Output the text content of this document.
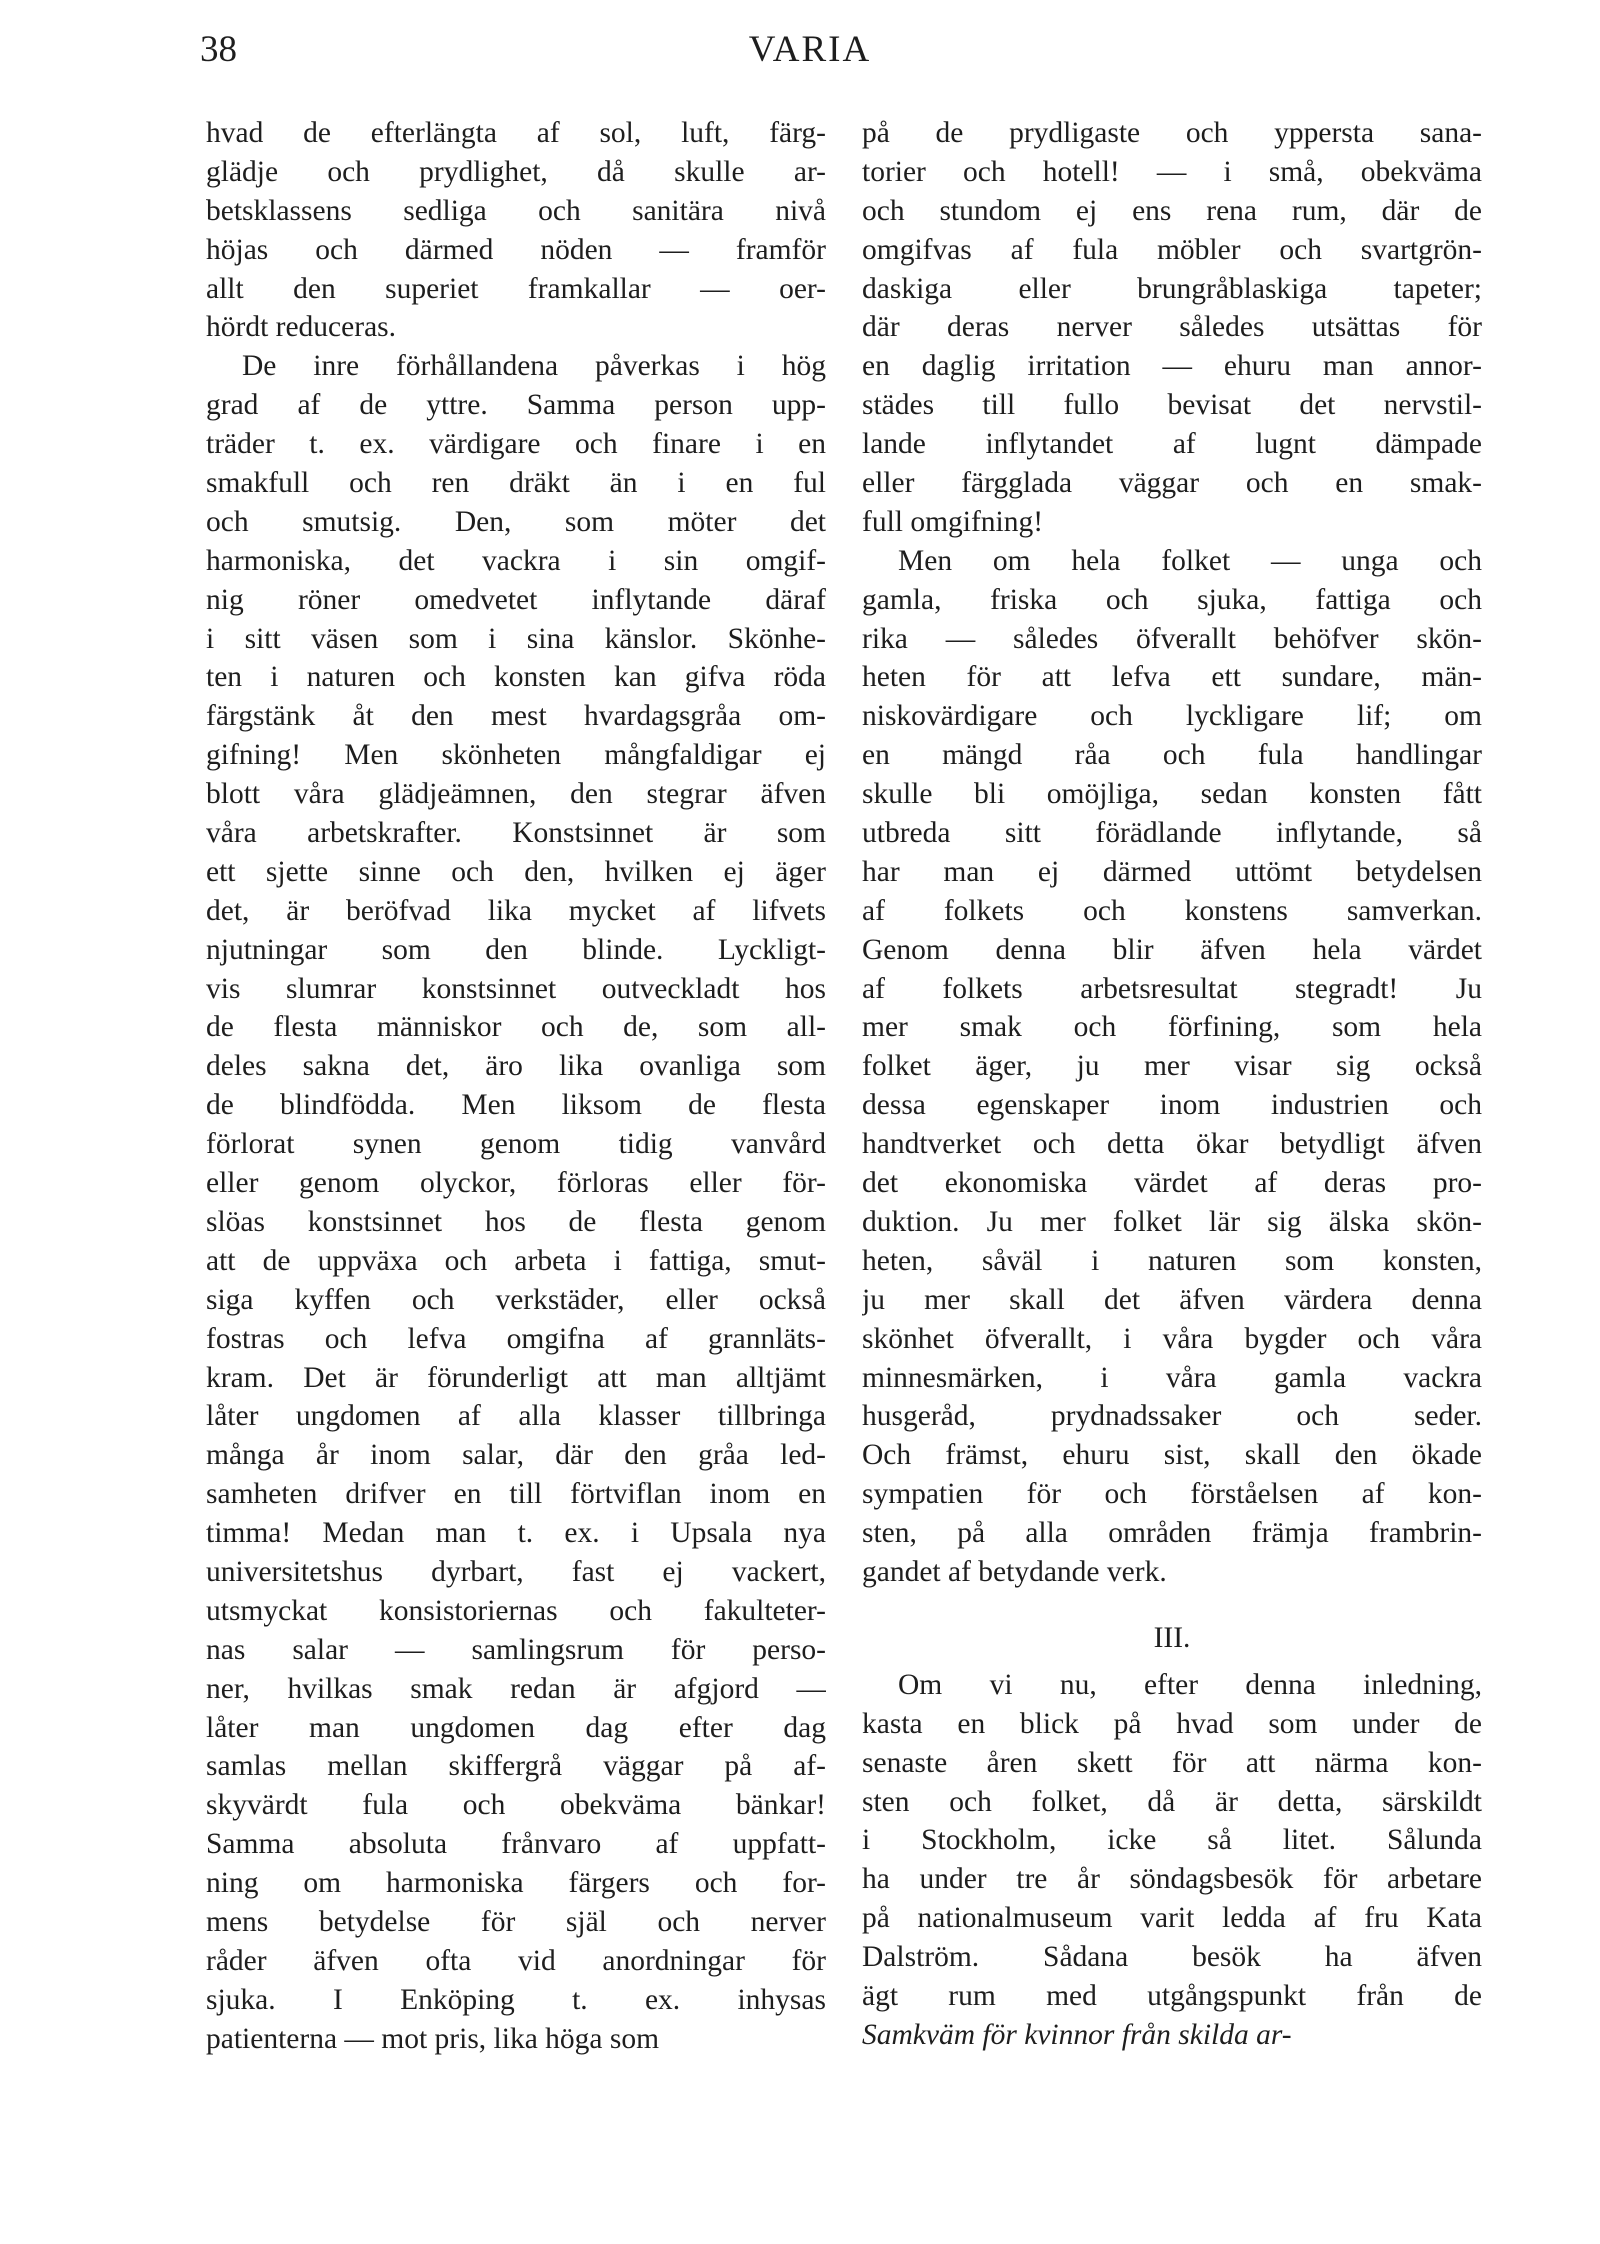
38	VARIA
hvad de efterlängta af sol, luft, färg-
glädje och prydlighet, då skulle ar-
betsklassens sedliga och sanitära nivå
höjas och därmed nöden — framför
allt den superiet framkallar — oer-
hördt reduceras.
De inre förhållandena påverkas i hög
grad af de yttre. Samma person upp-
träder t. ex. värdigare och finare i en
smakfull och ren dräkt än i en ful
och smutsig. Den, som möter det
harmoniska, det vackra i sin omgif-
nig röner omedvetet inflytande däraf
i sitt väsen som i sina känslor. Skönhe-
ten i naturen och konsten kan gifva röda
färgstänk åt den mest hvardagsgråa om-
gifning! Men skönheten mångfaldigar ej
blott våra glädjeämnen, den stegrar äfven
våra arbetskrafter. Konstsinnet är som
ett sjette sinne och den, hvilken ej äger
det, är beröfvad lika mycket af lifvets
njutningar som den blinde. Lyckligt-
vis slumrar konstsinnet outveckladt hos
de flesta människor och de, som all-
deles sakna det, äro lika ovanliga som
de blindfödda. Men liksom de flesta
förlorat synen genom tidig vanvård
eller genom olyckor, förloras eller för-
slöas konstsinnet hos de flesta genom
att de uppväxa och arbeta i fattiga, smut-
siga kyffen och verkstäder, eller också
fostras och lefva omgifna af grannläts-
kram. Det är förunderligt att man alltjämt
låter ungdomen af alla klasser tillbringa
många år inom salar, där den gråa led-
samheten drifver en till förtviflan inom en
timma! Medan man t. ex. i Upsala nya
universitetshus dyrbart, fast ej vackert,
utsmyckat konsistoriernas och fakulteter-
nas salar — samlingsrum för perso-
ner, hvilkas smak redan är afgjord —
låter man ungdomen dag efter dag
samlas mellan skiffergrå väggar på af-
skyvärdt fula och obekväma bänkar!
Samma absoluta frånvaro af uppfatt-
ning om harmoniska färgers och for-
mens betydelse för själ och nerver
råder äfven ofta vid anordningar för
sjuka. I Enköping t. ex. inhysas
patienterna — mot pris, lika höga som
på de prydligaste och yppersta sana-
torier och hotell! — i små, obekväma
och stundom ej ens rena rum, där de
omgifvas af fula möbler och svartgrön-
daskiga eller brungråblaskiga tapeter;
där deras nerver således utsättas för
en daglig irritation — ehuru man annor-
städes till fullo bevisat det nervstil-
lande inflytandet af lugnt dämpade
eller färgglada väggar och en smak-
full omgifning!
Men om hela folket — unga och
gamla, friska och sjuka, fattiga och
rika — således öfverallt behöfver skön-
heten för att lefva ett sundare, män-
niskovärdigare och lyckligare lif; om
en mängd råa och fula handlingar
skulle bli omöjliga, sedan konsten fått
utbreda sitt förädlande inflytande, så
har man ej därmed uttömt betydelsen
af folkets och konstens samverkan.
Genom denna blir äfven hela värdet
af folkets arbetsresultat stegradt! Ju
mer smak och förfining, som hela
folket äger, ju mer visar sig också
dessa egenskaper inom industrien och
handtverket och detta ökar betydligt äfven
det ekonomiska värdet af deras pro-
duktion. Ju mer folket lär sig älska skön-
heten, såväl i naturen som konsten,
ju mer skall det äfven värdera denna
skönhet öfverallt, i våra bygder och våra
minnesmärken, i våra gamla vackra
husgeråd, prydnadssaker och seder.
Och främst, ehuru sist, skall den ökade
sympatien för och förståelsen af kon-
sten, på alla områden främja frambrin-
gandet af betydande verk.
III.
Om vi nu, efter denna inledning,
kasta en blick på hvad som under de
senaste åren skett för att närma kon-
sten och folket, då är detta, särskildt
i Stockholm, icke så litet. Sålunda
ha under tre år söndagsbesök för arbetare
på nationalmuseum varit ledda af fru Kata
Dalström. Sådana besök ha äfven
ägt rum med utgångspunkt från de
Samkväm för kvinnor från skilda ar-
